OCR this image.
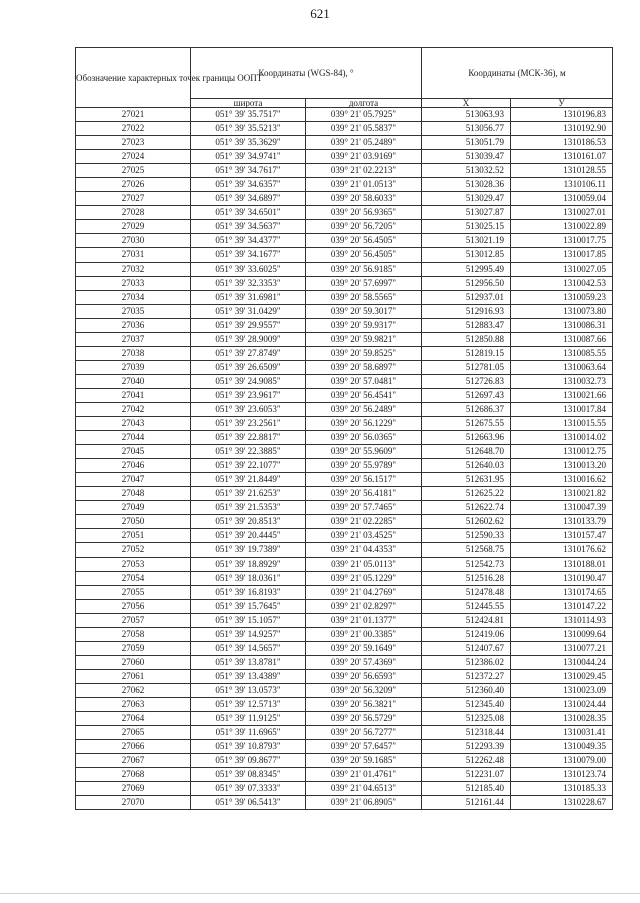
621
Обозначение характерных точек границы ООПТ	Координаты (WGS-84), °		Координаты (МСК-36), м	
	широта	долгота	X	У
27021	051° 39' 35.7517"	039° 21' 05.7925"	513063.93	1310196.83
27022	051° 39' 35.5213"	039° 21' 05.5837"	513056.77	1310192.90
27023	051° 39' 35.3629"	039° 21' 05.2489"	513051.79	1310186.53
27024	051° 39' 34.9741"	039° 21' 03.9169"	513039.47	1310161.07
27025	051° 39' 34.7617"	039° 21' 02.2213"	513032.52	1310128.55
27026	051° 39' 34.6357"	039° 21' 01.0513"	513028.36	1310106.11
27027	051° 39' 34.6897"	039° 20' 58.6033"	513029.47	1310059.04
27028	051° 39' 34.6501"	039° 20' 56.9365"	513027.87	1310027.01
27029	051° 39' 34.5637"	039° 20' 56.7205"	513025.15	1310022.89
27030	051° 39' 34.4377"	039° 20' 56.4505"	513021.19	1310017.75
27031	051° 39' 34.1677"	039° 20' 56.4505"	513012.85	1310017.85
27032	051° 39' 33.6025"	039° 20' 56.9185"	512995.49	1310027.05
27033	051° 39' 32.3353"	039° 20' 57.6997"	512956.50	1310042.53
27034	051° 39' 31.6981"	039° 20' 58.5565"	512937.01	1310059.23
27035	051° 39' 31.0429"	039° 20' 59.3017"	512916.93	1310073.80
27036	051° 39' 29.9557"	039° 20' 59.9317"	512883.47	1310086.31
27037	051° 39' 28.9009"	039° 20' 59.9821"	512850.88	1310087.66
27038	051° 39' 27.8749"	039° 20' 59.8525"	512819.15	1310085.55
27039	051° 39' 26.6509"	039° 20' 58.6897"	512781.05	1310063.64
27040	051° 39' 24.9085"	039° 20' 57.0481"	512726.83	1310032.73
27041	051° 39' 23.9617"	039° 20' 56.4541"	512697.43	1310021.66
27042	051° 39' 23.6053"	039° 20' 56.2489"	512686.37	1310017.84
27043	051° 39' 23.2561"	039° 20' 56.1229"	512675.55	1310015.55
27044	051° 39' 22.8817"	039° 20' 56.0365"	512663.96	1310014.02
27045	051° 39' 22.3885"	039° 20' 55.9609"	512648.70	1310012.75
27046	051° 39' 22.1077"	039° 20' 55.9789"	512640.03	1310013.20
27047	051° 39' 21.8449"	039° 20' 56.1517"	512631.95	1310016.62
27048	051° 39' 21.6253"	039° 20' 56.4181"	512625.22	1310021.82
27049	051° 39' 21.5353"	039° 20' 57.7465"	512622.74	1310047.39
27050	051° 39' 20.8513"	039° 21' 02.2285"	512602.62	1310133.79
27051	051° 39' 20.4445"	039° 21' 03.4525"	512590.33	1310157.47
27052	051° 39' 19.7389"	039° 21' 04.4353"	512568.75	1310176.62
27053	051° 39' 18.8929"	039° 21' 05.0113"	512542.73	1310188.01
27054	051° 39' 18.0361"	039° 21' 05.1229"	512516.28	1310190.47
27055	051° 39' 16.8193"	039° 21' 04.2769"	512478.48	1310174.65
27056	051° 39' 15.7645"	039° 21' 02.8297"	512445.55	1310147.22
27057	051° 39' 15.1057"	039° 21' 01.1377"	512424.81	1310114.93
27058	051° 39' 14.9257"	039° 21' 00.3385"	512419.06	1310099.64
27059	051° 39' 14.5657"	039° 20' 59.1649"	512407.67	1310077.21
27060	051° 39' 13.8781"	039° 20' 57.4369"	512386.02	1310044.24
27061	051° 39' 13.4389"	039° 20' 56.6593"	512372.27	1310029.45
27062	051° 39' 13.0573"	039° 20' 56.3209"	512360.40	1310023.09
27063	051° 39' 12.5713"	039° 20' 56.3821"	512345.40	1310024.44
27064	051° 39' 11.9125"	039° 20' 56.5729"	512325.08	1310028.35
27065	051° 39' 11.6965"	039° 20' 56.7277"	512318.44	1310031.41
27066	051° 39' 10.8793"	039° 20' 57.6457"	512293.39	1310049.35
27067	051° 39' 09.8677"	039° 20' 59.1685"	512262.48	1310079.00
27068	051° 39' 08.8345"	039° 21' 01.4761"	512231.07	1310123.74
27069	051° 39' 07.3333"	039° 21' 04.6513"	512185.40	1310185.33
27070	051° 39' 06.5413"	039° 21' 06.8905"	512161.44	1310228.67
